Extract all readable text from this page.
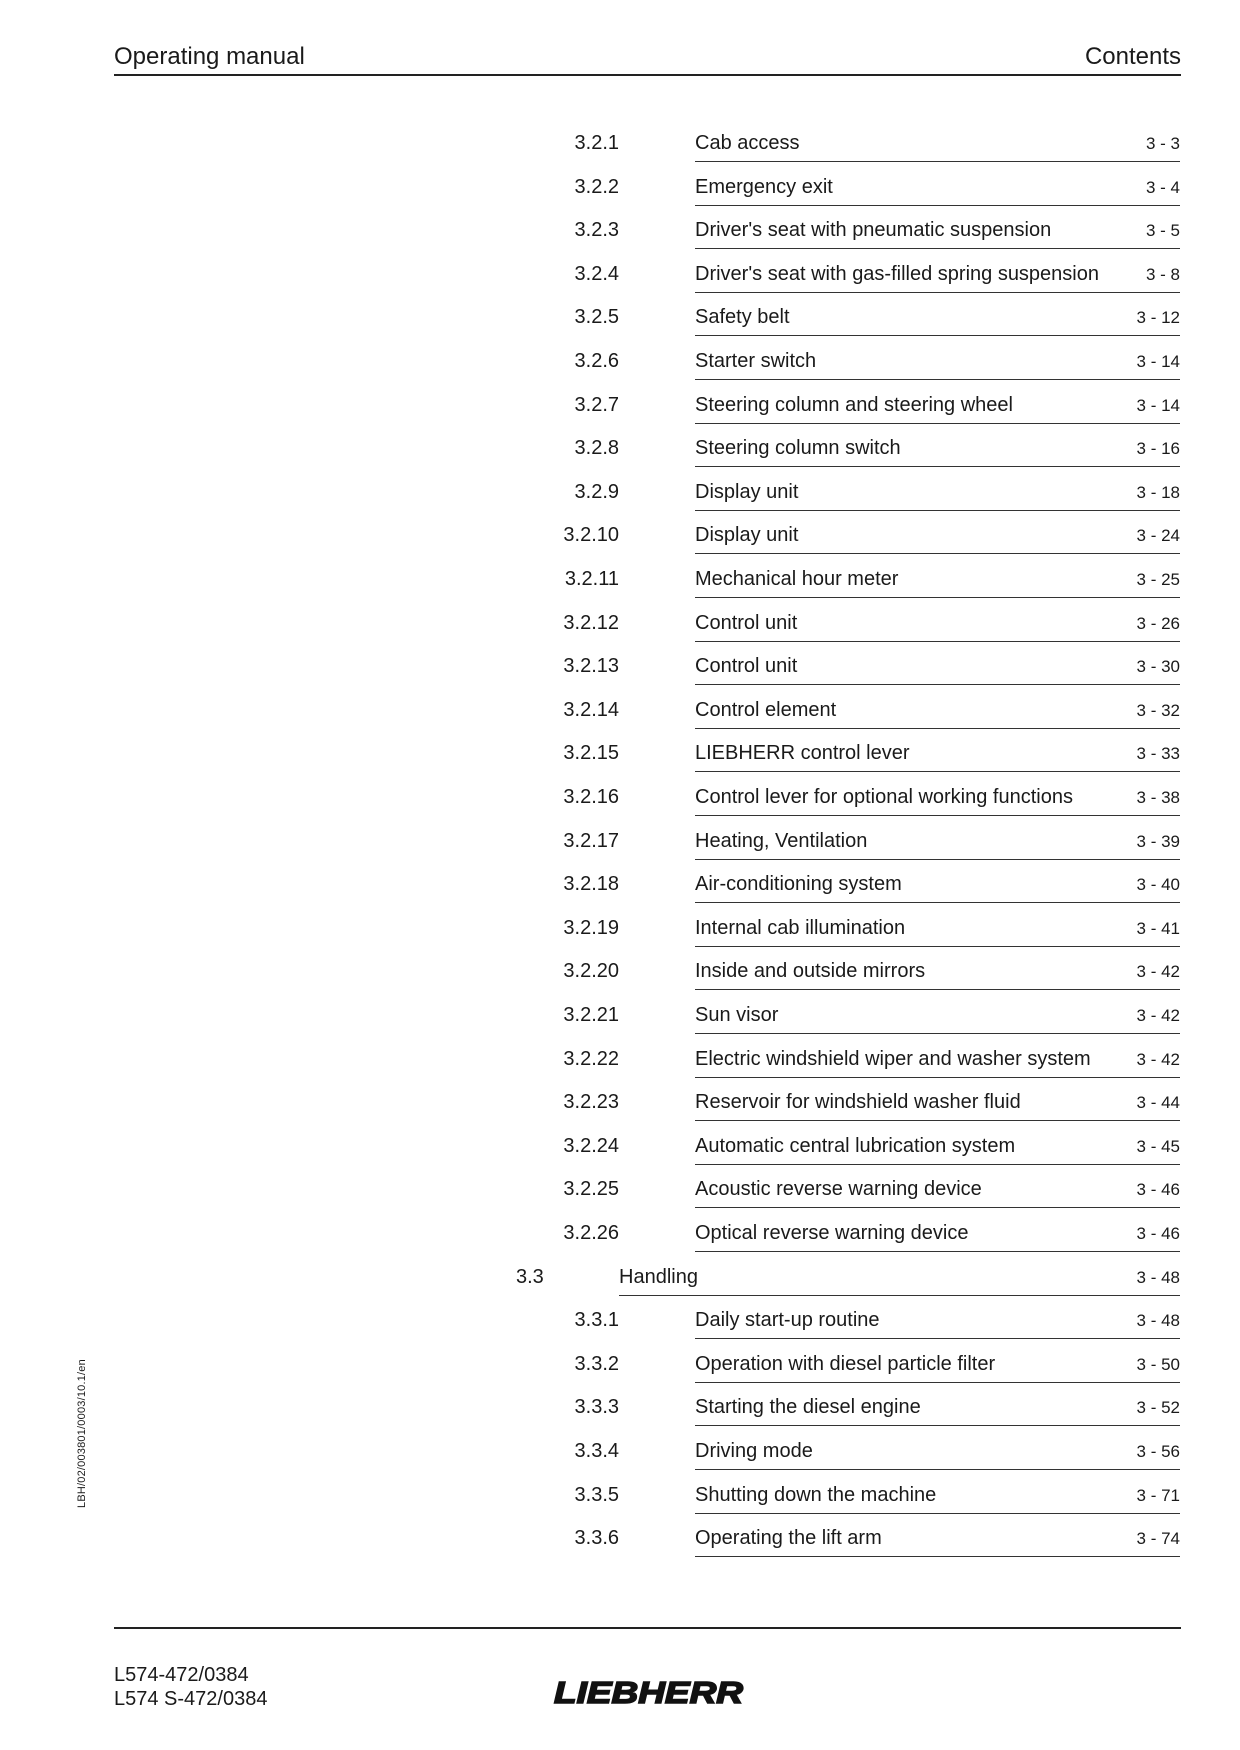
Operating manual	Contents
3.2.1	Cab access	3 - 3
3.2.2	Emergency exit	3 - 4
3.2.3	Driver's seat with pneumatic suspension	3 - 5
3.2.4	Driver's seat with gas-filled spring suspension	3 - 8
3.2.5	Safety belt	3 - 12
3.2.6	Starter switch	3 - 14
3.2.7	Steering column and steering wheel	3 - 14
3.2.8	Steering column switch	3 - 16
3.2.9	Display unit	3 - 18
3.2.10	Display unit	3 - 24
3.2.11	Mechanical hour meter	3 - 25
3.2.12	Control unit	3 - 26
3.2.13	Control unit	3 - 30
3.2.14	Control element	3 - 32
3.2.15	LIEBHERR control lever	3 - 33
3.2.16	Control lever for optional working functions	3 - 38
3.2.17	Heating, Ventilation	3 - 39
3.2.18	Air-conditioning system	3 - 40
3.2.19	Internal cab illumination	3 - 41
3.2.20	Inside and outside mirrors	3 - 42
3.2.21	Sun visor	3 - 42
3.2.22	Electric windshield wiper and washer system	3 - 42
3.2.23	Reservoir for windshield washer fluid	3 - 44
3.2.24	Automatic central lubrication system	3 - 45
3.2.25	Acoustic reverse warning device	3 - 46
3.2.26	Optical reverse warning device	3 - 46
3.3	Handling	3 - 48
3.3.1	Daily start-up routine	3 - 48
3.3.2	Operation with diesel particle filter	3 - 50
3.3.3	Starting the diesel engine	3 - 52
3.3.4	Driving mode	3 - 56
3.3.5	Shutting down the machine	3 - 71
3.3.6	Operating the lift arm	3 - 74
LBH/02/003801/0003/10.1/en
L574-472/0384
L574 S-472/0384	LIEBHERR
